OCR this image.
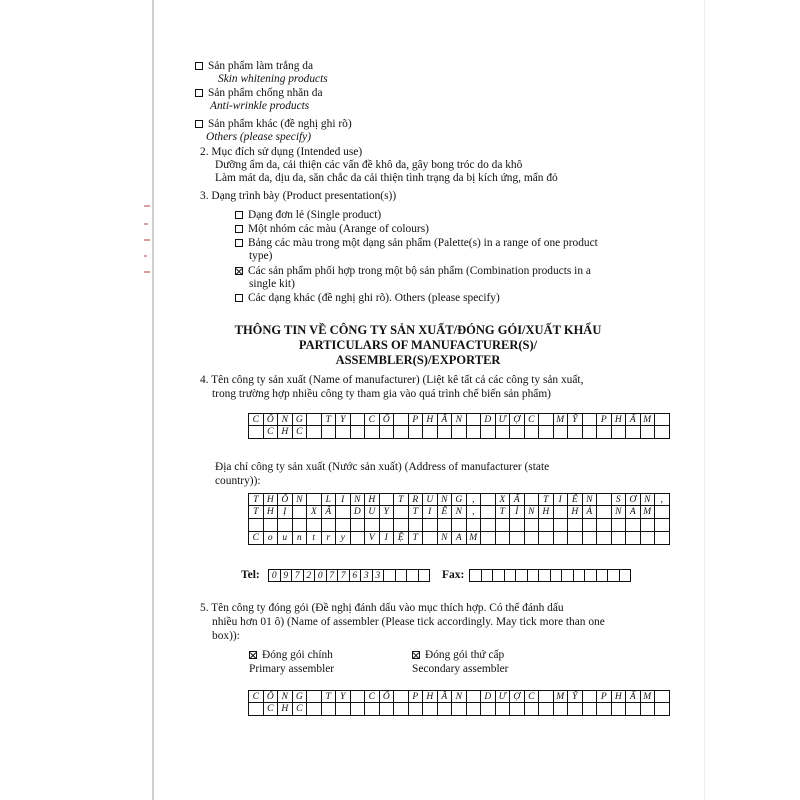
Sản phẩm làm trắng da
Skin whitening products
Sản phẩm chống nhăn da
Anti-wrinkle products
Sản phẩm khác (đề nghị ghi rõ)
Others (please specify)
2. Mục đích sử dụng (Intended use)
Dưỡng ẩm da, cải thiện các vấn đề khô da, gây bong tróc do da khô
Làm mát da, dịu da, săn chắc da cải thiện tình trạng da bị kích ứng, mẩn đỏ
3. Dạng trình bày (Product presentation(s))
Dạng đơn lẻ (Single product)
Một nhóm các màu (Arange of colours)
Bảng các màu trong một dạng sản phẩm (Palette(s) in a range of one product
type)
Các sản phẩm phối hợp trong một bộ sản phẩm (Combination products in a
single kit)
Các dạng khác (đề nghị ghi rõ). Others (please specify)
THÔNG TIN VỀ CÔNG TY SẢN XUẤT/ĐÓNG GÓI/XUẤT KHẨU
PARTICULARS OF MANUFACTURER(S)/
ASSEMBLER(S)/EXPORTER
4. Tên công ty sản xuất (Name of manufacturer) (Liệt kê tất cả các công ty sản xuất,
trong trường hợp nhiều công ty tham gia vào quá trình chế biến sản phẩm)
C Ô N G	T Y	C Ổ	P H Ầ N	D Ư Ợ C	M Ỹ	P H Ẩ M
C H C
Địa chỉ công ty sản xuất (Nước sản xuất) (Address of manufacturer (state
country)):
T H Ô N	L	I	N H	T R U N G	,	X Ã	T	I	Ê N	S Ơ N	,
T H Ị	X Ã	D U Y	T	I	Ê N	,	T	Ỉ	N H	H À	N A M
C o	u	n	t	r	y	V	I	Ệ T	N A M
Tel:	0 9 7 2 0 7 7 6 3 3	Fax:
5. Tên công ty đóng gói (Đề nghị đánh dấu vào mục thích hợp. Có thể đánh dấu
nhiều hơn 01 ô) (Name of assembler (Please tick accordingly. May tick more than one
box)):
Đóng gói chính
Primary assembler
Đóng gói thứ cấp
Secondary assembler
C Ô N G	T Y	C Ổ	P H Ầ N	D Ư Ợ C	M Ỹ	P H Ẩ M
C H C
